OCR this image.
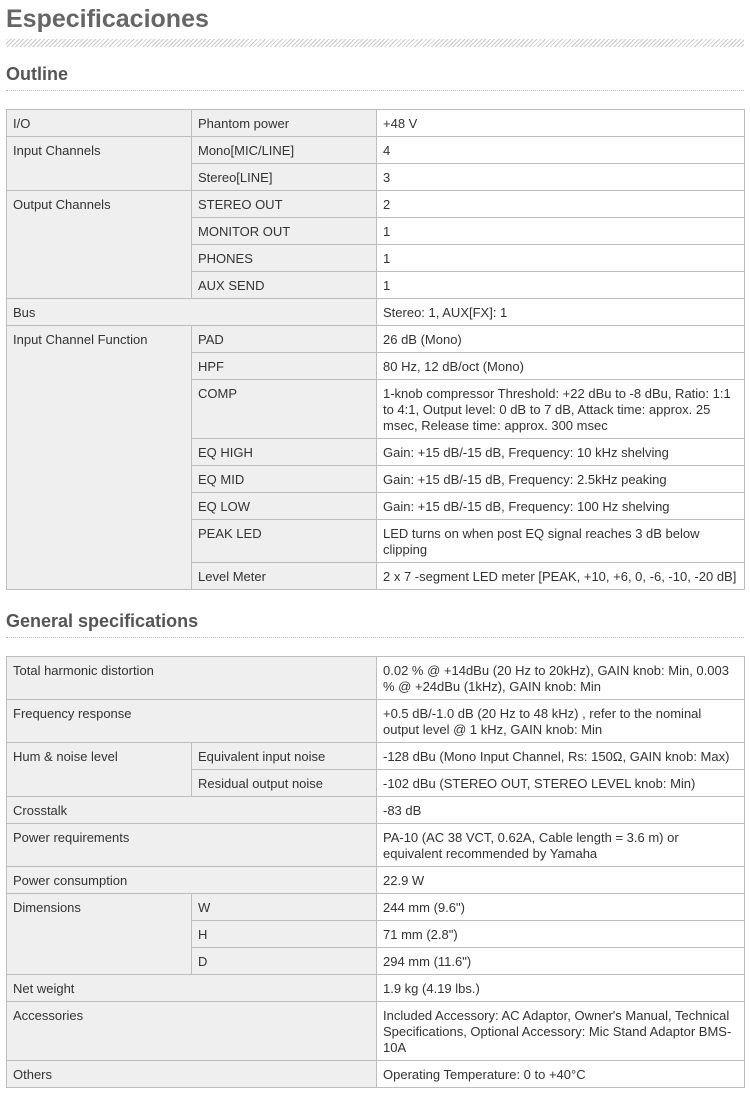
Especificaciones
Outline
I/O	Phantom power	+48 V
Input Channels	Mono[MIC/LINE]	4
	Stereo[LINE]	3
Output Channels	STEREO OUT	2
	MONITOR OUT	1
	PHONES	1
	AUX SEND	1
Bus		Stereo: 1, AUX[FX]: 1
Input Channel Function	PAD	26 dB (Mono)
	HPF	80 Hz, 12 dB/oct (Mono)
	COMP	1-knob compressor Threshold: +22 dBu to -8 dBu, Ratio: 1:1 to 4:1, Output level: 0 dB to 7 dB, Attack time: approx. 25 msec, Release time: approx. 300 msec
	EQ HIGH	Gain: +15 dB/-15 dB, Frequency: 10 kHz shelving
	EQ MID	Gain: +15 dB/-15 dB, Frequency: 2.5kHz peaking
	EQ LOW	Gain: +15 dB/-15 dB, Frequency: 100 Hz shelving
	PEAK LED	LED turns on when post EQ signal reaches 3 dB below clipping
	Level Meter	2 x 7 -segment LED meter [PEAK, +10, +6, 0, -6, -10, -20 dB]
General specifications
Total harmonic distortion		0.02 % @ +14dBu (20 Hz to 20kHz), GAIN knob: Min, 0.003 % @ +24dBu (1kHz), GAIN knob: Min
Frequency response		+0.5 dB/-1.0 dB (20 Hz to 48 kHz) , refer to the nominal output level @ 1 kHz, GAIN knob: Min
Hum & noise level	Equivalent input noise	-128 dBu (Mono Input Channel, Rs: 150Ω, GAIN knob: Max)
	Residual output noise	-102 dBu (STEREO OUT, STEREO LEVEL knob: Min)
Crosstalk		-83 dB
Power requirements		PA-10 (AC 38 VCT, 0.62A, Cable length = 3.6 m) or equivalent recommended by Yamaha
Power consumption		22.9 W
Dimensions	W	244 mm (9.6")
	H	71 mm (2.8")
	D	294 mm (11.6")
Net weight		1.9 kg (4.19 lbs.)
Accessories		Included Accessory: AC Adaptor, Owner's Manual, Technical Specifications, Optional Accessory: Mic Stand Adaptor BMS-10A
Others		Operating Temperature: 0 to +40°C
